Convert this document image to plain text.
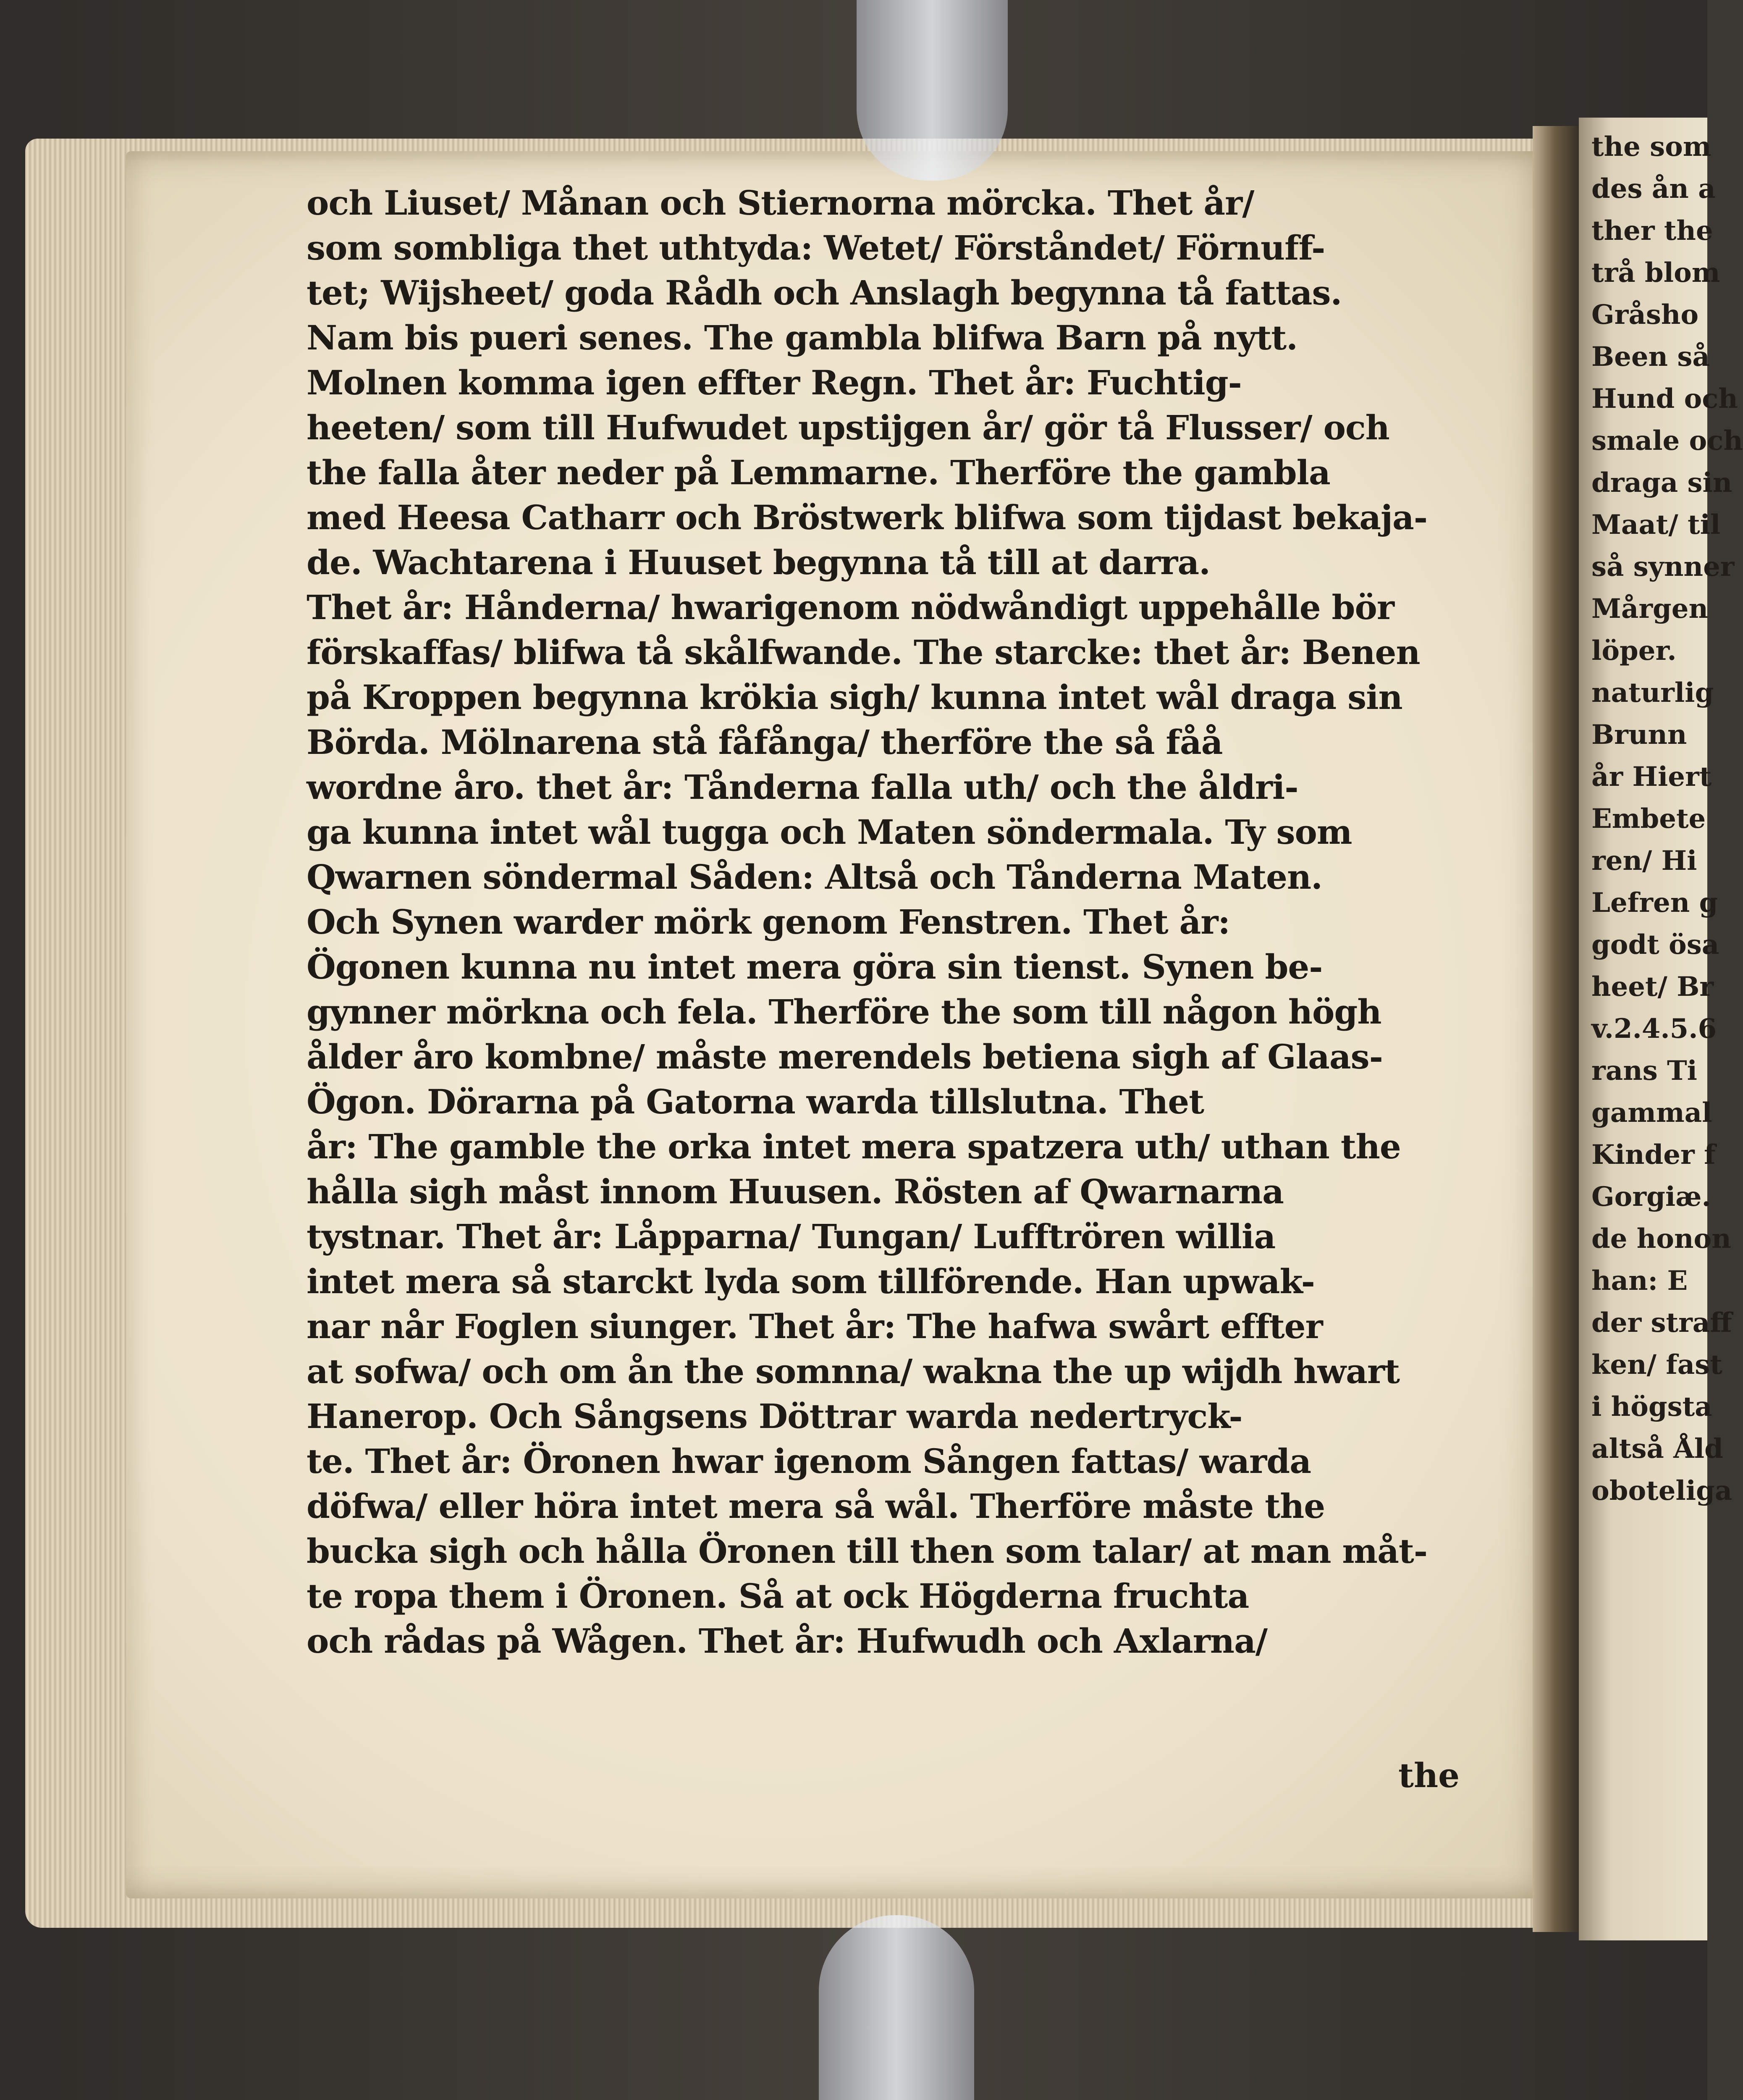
och Liuset/ Månan och Stiernorna mörcka. Thet år/
som sombliga thet uthtyda: Wetet/ Förståndet/ Förnuff-
tet; Wijsheet/ goda Rådh och Anslagh begynna tå fattas.
Nam bis pueri senes. The gambla blifwa Barn på nytt.
Molnen komma igen effter Regn. Thet år: Fuchtig-
heeten/ som till Hufwudet upstijgen år/ gör tå Flusser/ och
the falla åter neder på Lemmarne. Therföre the gambla
med Heesa Catharr och Bröstwerk blifwa som tijdast bekaja-
de. Wachtarena i Huuset begynna tå till at darra.
Thet år: Hånderna/ hwarigenom nödwåndigt uppehålle bör
förskaffas/ blifwa tå skålfwande. The starcke: thet år: Benen
på Kroppen begynna krökia sigh/ kunna intet wål draga sin
Börda. Mölnarena stå fåfånga/ therföre the så fåå
wordne åro. thet år: Tånderna falla uth/ och the åldri-
ga kunna intet wål tugga och Maten söndermala. Ty som
Qwarnen söndermal Såden: Altså och Tånderna Maten.
Och Synen warder mörk genom Fenstren. Thet år:
Ögonen kunna nu intet mera göra sin tienst. Synen be-
gynner mörkna och fela. Therföre the som till någon högh
ålder åro kombne/ måste merendels betiena sigh af Glaas-
Ögon. Dörarna på Gatorna warda tillslutna. Thet
år: The gamble the orka intet mera spatzera uth/ uthan the
hålla sigh måst innom Huusen. Rösten af Qwarnarna
tystnar. Thet år: Låpparna/ Tungan/ Lufftrören willia
intet mera så starckt lyda som tillförende. Han upwak-
nar når Foglen siunger. Thet år: The hafwa swårt effter
at sofwa/ och om ån the somnna/ wakna the up wijdh hwart
Hanerop. Och Sångsens Döttrar warda nedertryck-
te. Thet år: Öronen hwar igenom Sången fattas/ warda
döfwa/ eller höra intet mera så wål. Therföre måste the
bucka sigh och hålla Öronen till then som talar/ at man måt-
te ropa them i Öronen. Så at ock Högderna fruchta
och rådas på Wågen. Thet år: Hufwudh och Axlarna/
the
the som
des ån a
ther the
trå blom
Gråsho
Been så
Hund och
smale och
draga sin
Maat/ til
så synner
Mårgen
löper.
naturlig
Brunn
år Hiert
Embete
ren/ Hi
Lefren g
godt ösa
heet/ Br
v.2.4.5.6
rans Ti
gammal
Kinder f
Gorgiæ.
de honon
han: E
der straff
ken/ fast
i högsta
altså Åld
oboteliga
